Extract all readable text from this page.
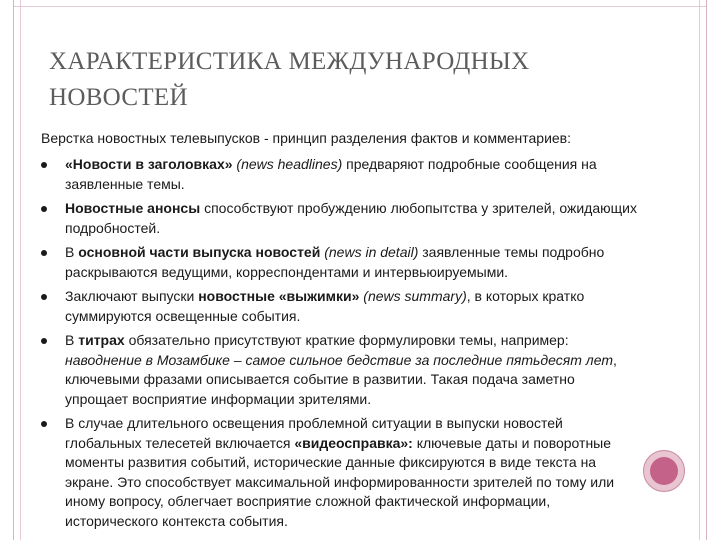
ХАРАКТЕРИСТИКА МЕЖДУНАРОДНЫХ НОВОСТЕЙ

Верстка новостных телевыпусков - принцип разделения фактов и комментариев:

«Новости в заголовках» (news headlines) предваряют подробные сообщения на заявленные темы.
Новостные анонсы способствуют пробуждению любопытства у зрителей, ожидающих подробностей.
В основной части выпуска новостей (news in detail) заявленные темы подробно раскрываются ведущими, корреспондентами и интервьюируемыми.
Заключают выпуски новостные «выжимки» (news summary), в которых кратко суммируются освещенные события.
В титрах обязательно присутствуют краткие формулировки темы, например: наводнение в Мозамбике – самое сильное бедствие за последние пятьдесят лет, ключевыми фразами описывается событие в развитии. Такая подача заметно упрощает восприятие информации зрителями.
В случае длительного освещения проблемной ситуации в выпуски новостей глобальных телесетей включается «видеосправка»: ключевые даты и поворотные моменты развития событий, исторические данные фиксируются в виде текста на экране. Это способствует максимальной информированности зрителей по тому или иному вопросу, облегчает восприятие сложной фактической информации, исторического контекста события.
